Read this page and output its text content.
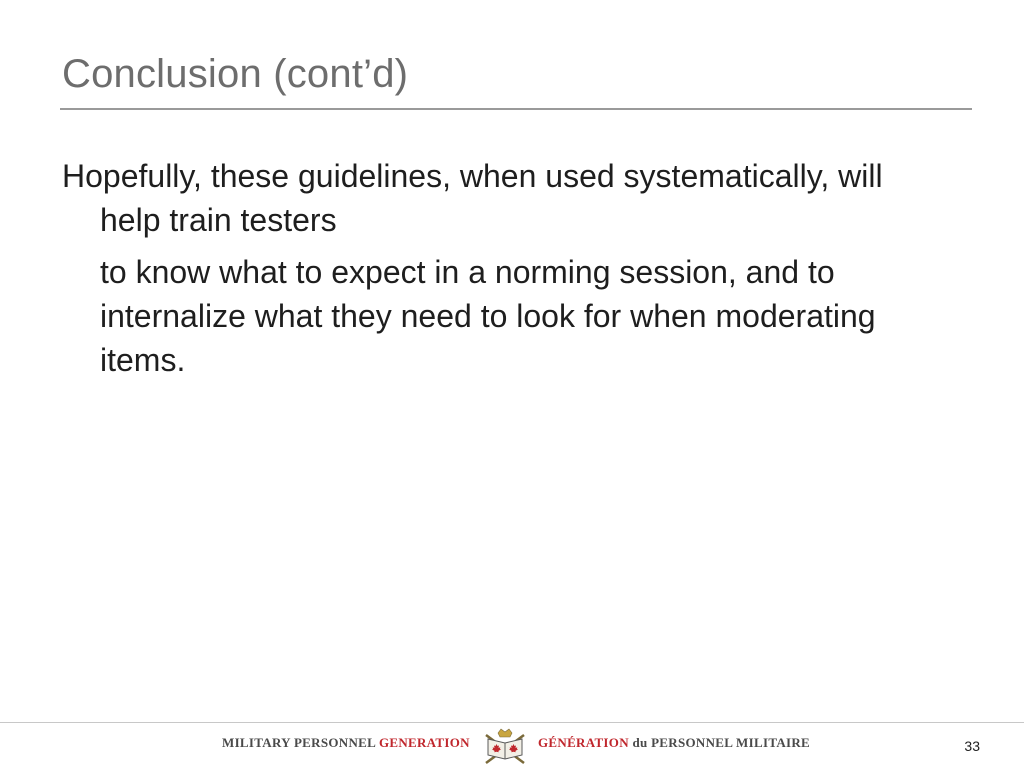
Conclusion (cont’d)

Hopefully, these guidelines, when used systematically, will help train testers

to know what to expect in a norming session, and to internalize what they need to look for when moderating items.

MILITARY PERSONNEL GENERATION	GÉNÉRATION du PERSONNEL MILITAIRE	33
